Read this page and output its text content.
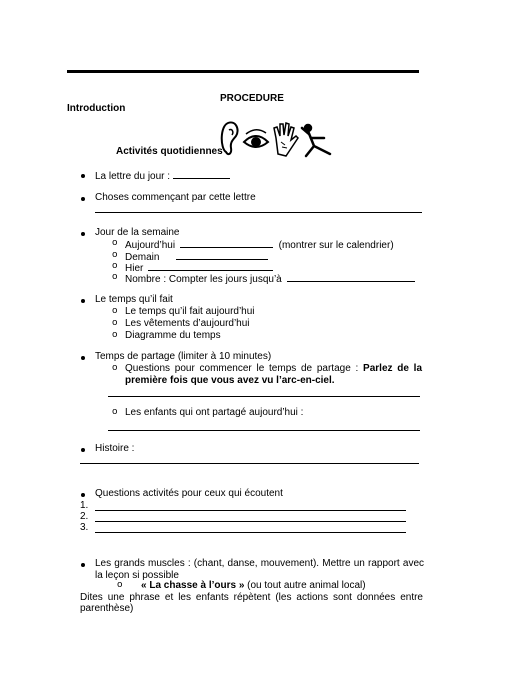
PROCEDURE
Introduction
Activités quotidiennes
La lettre du jour :
Choses commençant par cette lettre
Jour de la semaine
o Aujourd’hui	(montrer sur le calendrier)
o Demain
o Hier
o Nombre : Compter les jours jusqu’à
Le temps qu’il fait
o Le temps qu’il fait aujourd’hui
o Les vêtements d’aujourd’hui
o Diagramme du temps
Temps de partage (limiter à 10 minutes)
o Questions pour commencer le temps de partage : Parlez de la
première fois que vous avez vu l’arc-en-ciel.
o Les enfants qui ont partagé aujourd’hui :
Histoire :
Questions activités pour ceux qui écoutent
1.
2.
3.
Les grands muscles : (chant, danse, mouvement). Mettre un rapport avec
la leçon si possible
o « La chasse à l’ours » (ou tout autre animal local)
Dites une phrase et les enfants répètent (les actions sont données entre
parenthèse)
